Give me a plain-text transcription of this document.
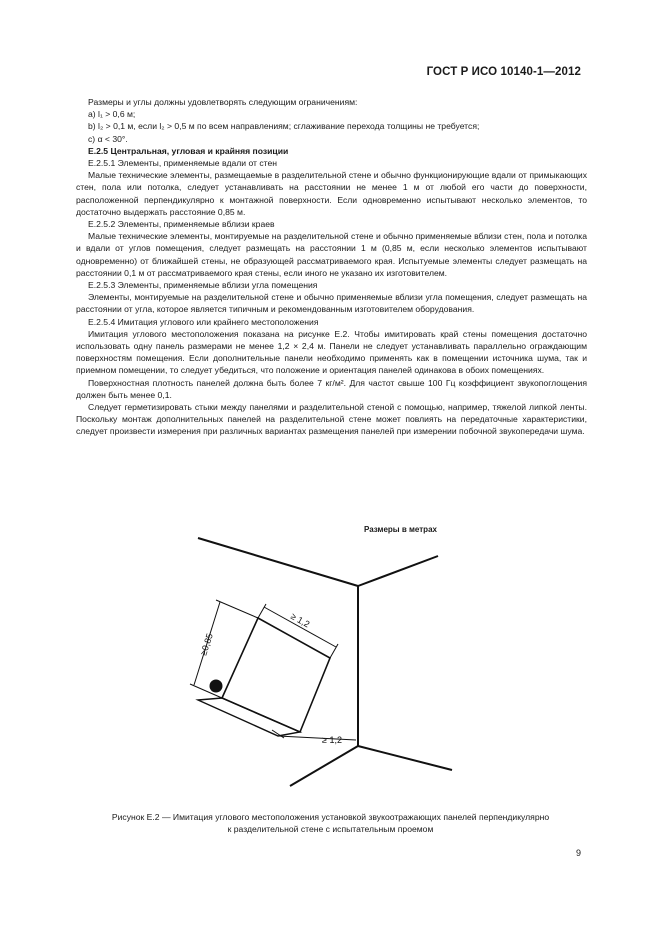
ГОСТ Р ИСО 10140-1—2012

Размеры и углы должны удовлетворять следующим ограничениям:

a) l₁ > 0,6 м;

b) l₂ > 0,1 м, если l₂ > 0,5 м по всем направлениям; сглаживание перехода толщины не требуется;

c) α < 30°.

Е.2.5 Центральная, угловая и крайняя позиции

Е.2.5.1 Элементы, применяемые вдали от стен

Малые технические элементы, размещаемые в разделительной стене и обычно функционирующие вдали от примыкающих стен, пола или потолка, следует устанавливать на расстоянии не менее 1 м от любой его части до поверхности, расположенной перпендикулярно к монтажной поверхности. Если одновременно испытывают несколько элементов, то достаточно выдержать расстояние 0,85 м.

Е.2.5.2 Элементы, применяемые вблизи краев

Малые технические элементы, монтируемые на разделительной стене и обычно применяемые вблизи стен, пола и потолка и вдали от углов помещения, следует размещать на расстоянии 1 м (0,85 м, если несколько элементов испытывают одновременно) от ближайшей стены, не образующей рассматриваемого края. Испытуемые элементы следует размещать на расстоянии 0,1 м от рассматриваемого края стены, если иного не указано их изготовителем.

Е.2.5.3 Элементы, применяемые вблизи угла помещения

Элементы, монтируемые на разделительной стене и обычно применяемые вблизи угла помещения, следует размещать на расстоянии от угла, которое является типичным и рекомендованным изготовителем оборудования.

Е.2.5.4 Имитация углового или крайнего местоположения

Имитация углового местоположения показана на рисунке Е.2. Чтобы имитировать край стены помещения достаточно использовать одну панель размерами не менее 1,2 × 2,4 м. Панели не следует устанавливать параллельно ограждающим поверхностям помещения. Если дополнительные панели необходимо применять как в помещении источника шума, так и приемном помещении, то следует убедиться, что положение и ориентация панелей одинакова в обоих помещениях.

Поверхностная плотность панелей должна быть более 7 кг/м². Для частот свыше 100 Гц коэффициент звукопоглощения должен быть менее 0,1.

Следует герметизировать стыки между панелями и разделительной стеной с помощью, например, тяжелой липкой ленты. Поскольку монтаж дополнительных панелей на разделительной стене может повлиять на передаточные характеристики, следует произвести измерения при различных вариантах размещения панелей при измерении побочной звукопередачи шума.

Размеры в метрах
≥0,85
≥ 1,2
≥ 1,2
Рисунок Е.2 — Имитация углового местоположения установкой звукоотражающих панелей перпендикулярно
к разделительной стене с испытательным проемом
9
